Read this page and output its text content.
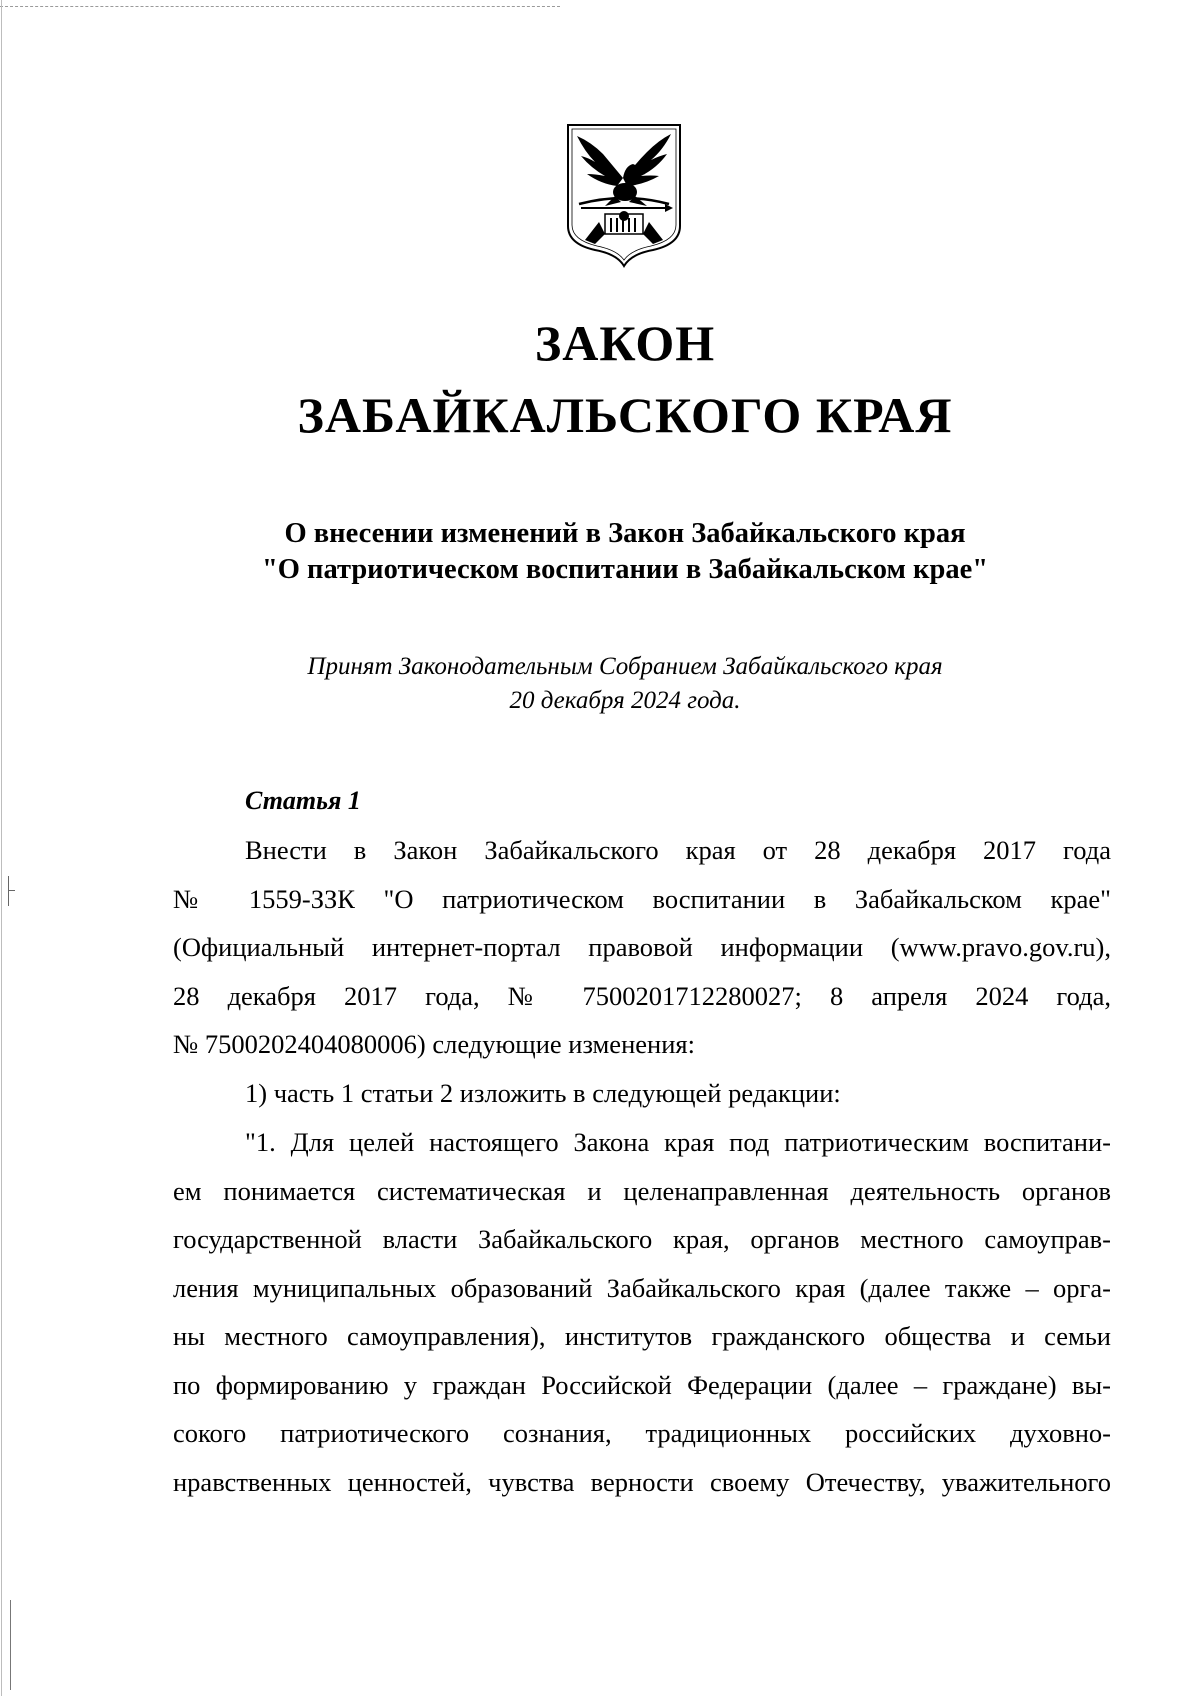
ЗАКОН
ЗАБАЙКАЛЬСКОГО КРАЯ
О внесении изменений в Закон Забайкальского края
"О патриотическом воспитании в Забайкальском крае"
Принят Законодательным Собранием Забайкальского края
20 декабря 2024 года.
Статья 1
Внести в Закон Забайкальского края от 28 декабря 2017 года
№ 1559-ЗЗК "О патриотическом воспитании в Забайкальском крае"
(Официальный интернет-портал правовой информации (www.pravo.gov.ru),
28 декабря 2017 года, № 7500201712280027; 8 апреля 2024 года,
№ 7500202404080006) следующие изменения:
1) часть 1 статьи 2 изложить в следующей редакции:
"1. Для целей настоящего Закона края под патриотическим воспитани-
ем понимается систематическая и целенаправленная деятельность органов
государственной власти Забайкальского края, органов местного самоуправ-
ления муниципальных образований Забайкальского края (далее также – орга-
ны местного самоуправления), институтов гражданского общества и семьи
по формированию у граждан Российской Федерации (далее – граждане) вы-
сокого патриотического сознания, традиционных российских духовно-
нравственных ценностей, чувства верности своему Отечеству, уважительного
